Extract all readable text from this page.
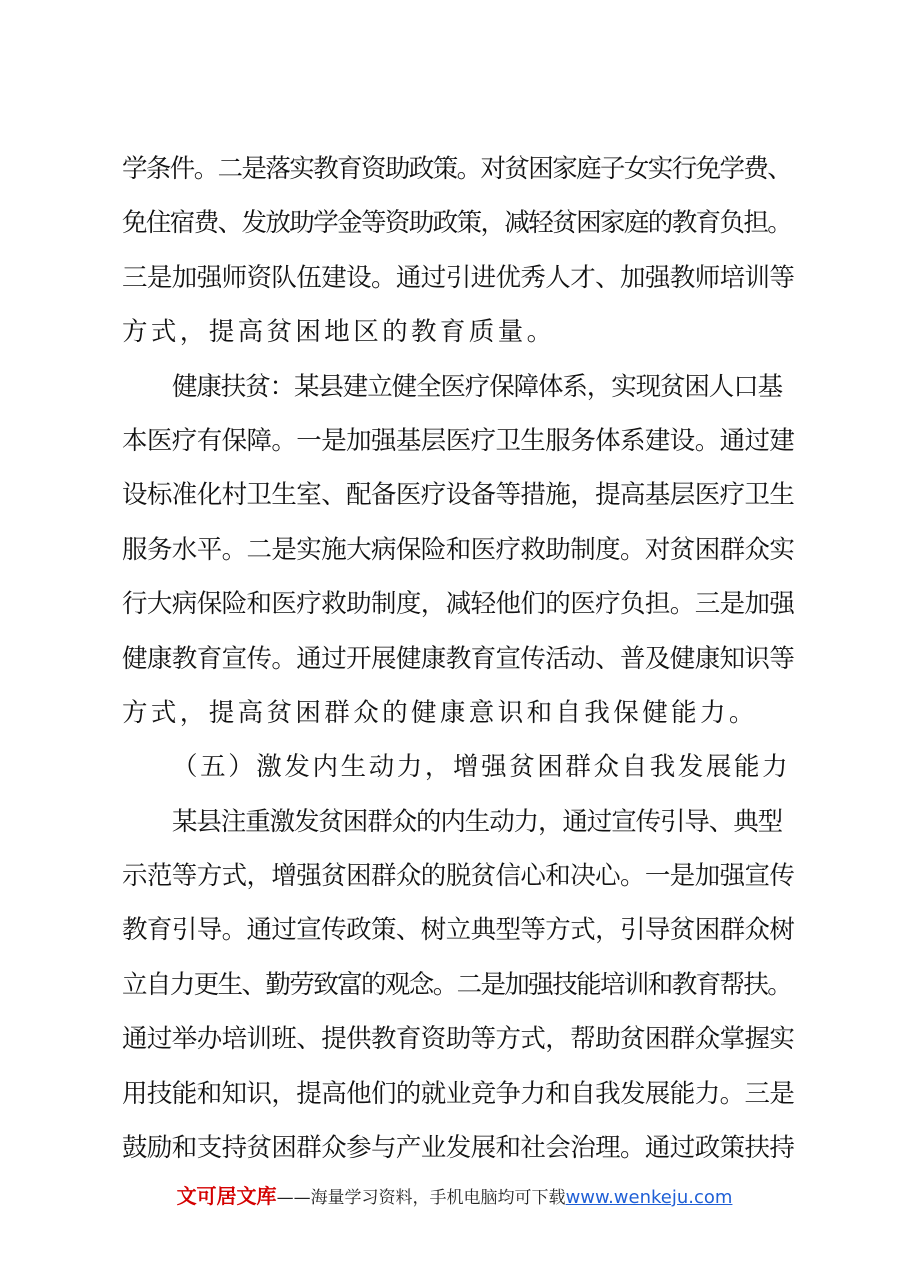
学条件。二是落实教育资助政策。对贫困家庭子女实行免学费、
免住宿费、发放助学金等资助政策，减轻贫困家庭的教育负担。
三是加强师资队伍建设。通过引进优秀人才、加强教师培训等
方式，提高贫困地区的教育质量。
健康扶贫：某县建立健全医疗保障体系，实现贫困人口基
本医疗有保障。一是加强基层医疗卫生服务体系建设。通过建
设标准化村卫生室、配备医疗设备等措施，提高基层医疗卫生
服务水平。二是实施大病保险和医疗救助制度。对贫困群众实
行大病保险和医疗救助制度，减轻他们的医疗负担。三是加强
健康教育宣传。通过开展健康教育宣传活动、普及健康知识等
方式，提高贫困群众的健康意识和自我保健能力。
（五）激发内生动力，增强贫困群众自我发展能力
某县注重激发贫困群众的内生动力，通过宣传引导、典型
示范等方式，增强贫困群众的脱贫信心和决心。一是加强宣传
教育引导。通过宣传政策、树立典型等方式，引导贫困群众树
立自力更生、勤劳致富的观念。二是加强技能培训和教育帮扶。
通过举办培训班、提供教育资助等方式，帮助贫困群众掌握实
用技能和知识，提高他们的就业竞争力和自我发展能力。三是
鼓励和支持贫困群众参与产业发展和社会治理。通过政策扶持
文可居文库——海量学习资料，手机电脑均可下载www.wenkeju.com
